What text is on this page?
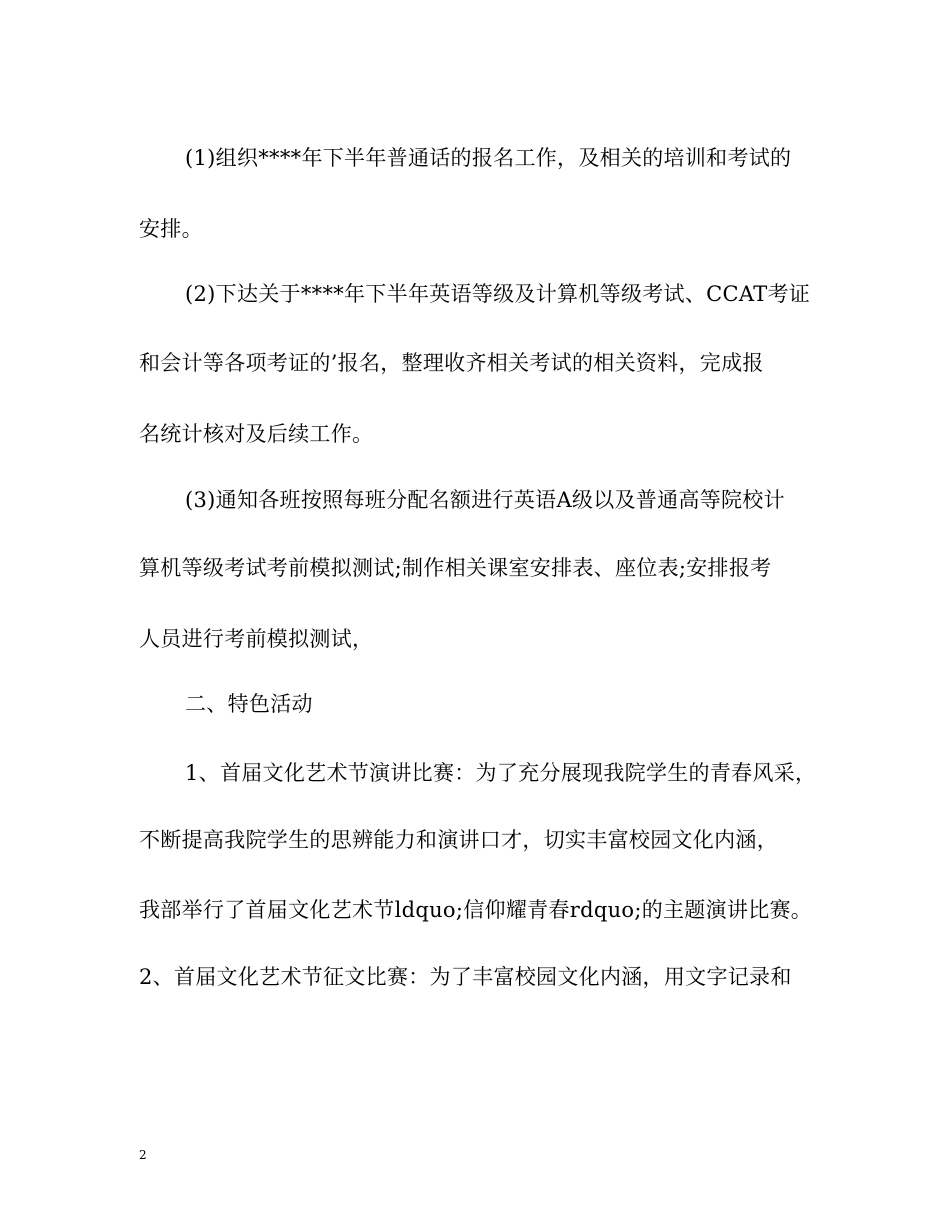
(1)组织****年下半年普通话的报名工作，及相关的培训和考试的
安排。
(2)下达关于****年下半年英语等级及计算机等级考试、CCAT考证
和会计等各项考证的’报名，整理收齐相关考试的相关资料，完成报
名统计核对及后续工作。
(3)通知各班按照每班分配名额进行英语A级以及普通高等院校计
算机等级考试考前模拟测试;制作相关课室安排表、座位表;安排报考
人员进行考前模拟测试，
二、特色活动
1、首届文化艺术节演讲比赛：为了充分展现我院学生的青春风采，
不断提高我院学生的思辨能力和演讲口才，切实丰富校园文化内涵，
我部举行了首届文化艺术节ldquo;信仰耀青春rdquo;的主题演讲比赛。
2、首届文化艺术节征文比赛：为了丰富校园文化内涵，用文字记录和
2
